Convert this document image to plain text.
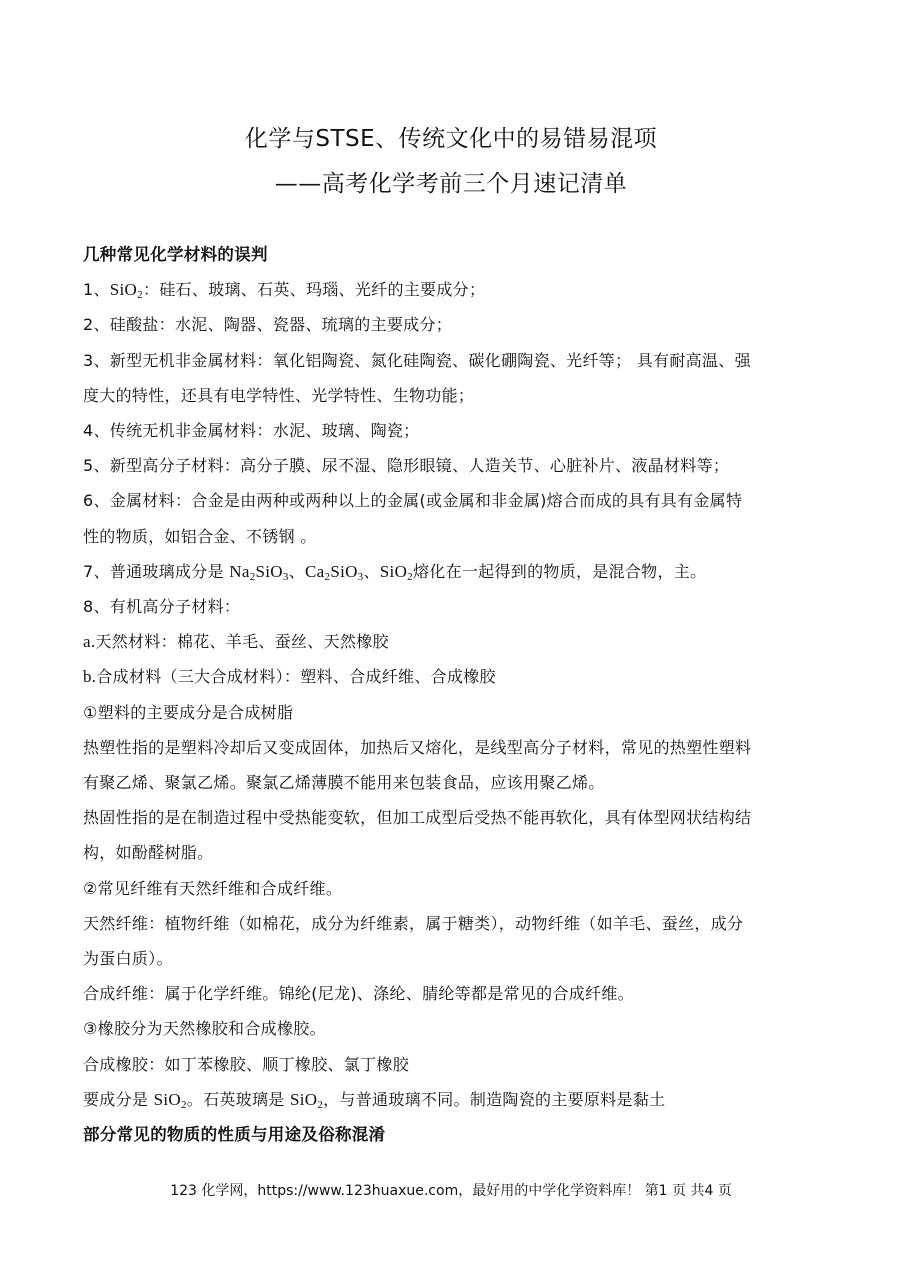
化学与STSE、传统文化中的易错易混项
——高考化学考前三个月速记清单
几种常见化学材料的误判
1、SiO$_2$：硅石、玻璃、石英、玛瑙、光纤的主要成分；
2、硅酸盐：水泥、陶器、瓷器、琉璃的主要成分；
3、新型无机非金属材料：氧化铝陶瓷、氮化硅陶瓷、碳化硼陶瓷、光纤等； 具有耐高温、强
度大的特性，还具有电学特性、光学特性、生物功能；
4、传统无机非金属材料：水泥、玻璃、陶瓷；
5、新型高分子材料：高分子膜、尿不湿、隐形眼镜、人造关节、心脏补片、液晶材料等；
6、金属材料：合金是由两种或两种以上的金属(或金属和非金属)熔合而成的具有具有金属特
性的物质，如铝合金、不锈钢 。
7、普通玻璃成分是 $Na_2SiO_3$、$Ca_2SiO_3$、SiO$_2$熔化在一起得到的物质，是混合物，主。
8、有机高分子材料：
a.天然材料：棉花、羊毛、蚕丝、天然橡胶
b.合成材料（三大合成材料）：塑料、合成纤维、合成橡胶
①塑料的主要成分是合成树脂
热塑性指的是塑料冷却后又变成固体，加热后又熔化，是线型高分子材料，常见的热塑性塑料
有聚乙烯、聚氯乙烯。聚氯乙烯薄膜不能用来包装食品，应该用聚乙烯。
热固性指的是在制造过程中受热能变软，但加工成型后受热不能再软化，具有体型网状结构结
构，如酚醛树脂。
②常见纤维有天然纤维和合成纤维。
天然纤维：植物纤维（如棉花，成分为纤维素，属于糖类），动物纤维（如羊毛、蚕丝，成分
为蛋白质）。
合成纤维：属于化学纤维。锦纶(尼龙)、涤纶、腈纶等都是常见的合成纤维。
③橡胶分为天然橡胶和合成橡胶。
合成橡胶：如丁苯橡胶、顺丁橡胶、氯丁橡胶
要成分是 SiO$_2$。石英玻璃是 SiO$_2$，与普通玻璃不同。制造陶瓷的主要原料是黏土
部分常见的物质的性质与用途及俗称混淆
123 化学网，https://www.123huaxue.com，最好用的中学化学资料库！ 第1 页 共4 页
